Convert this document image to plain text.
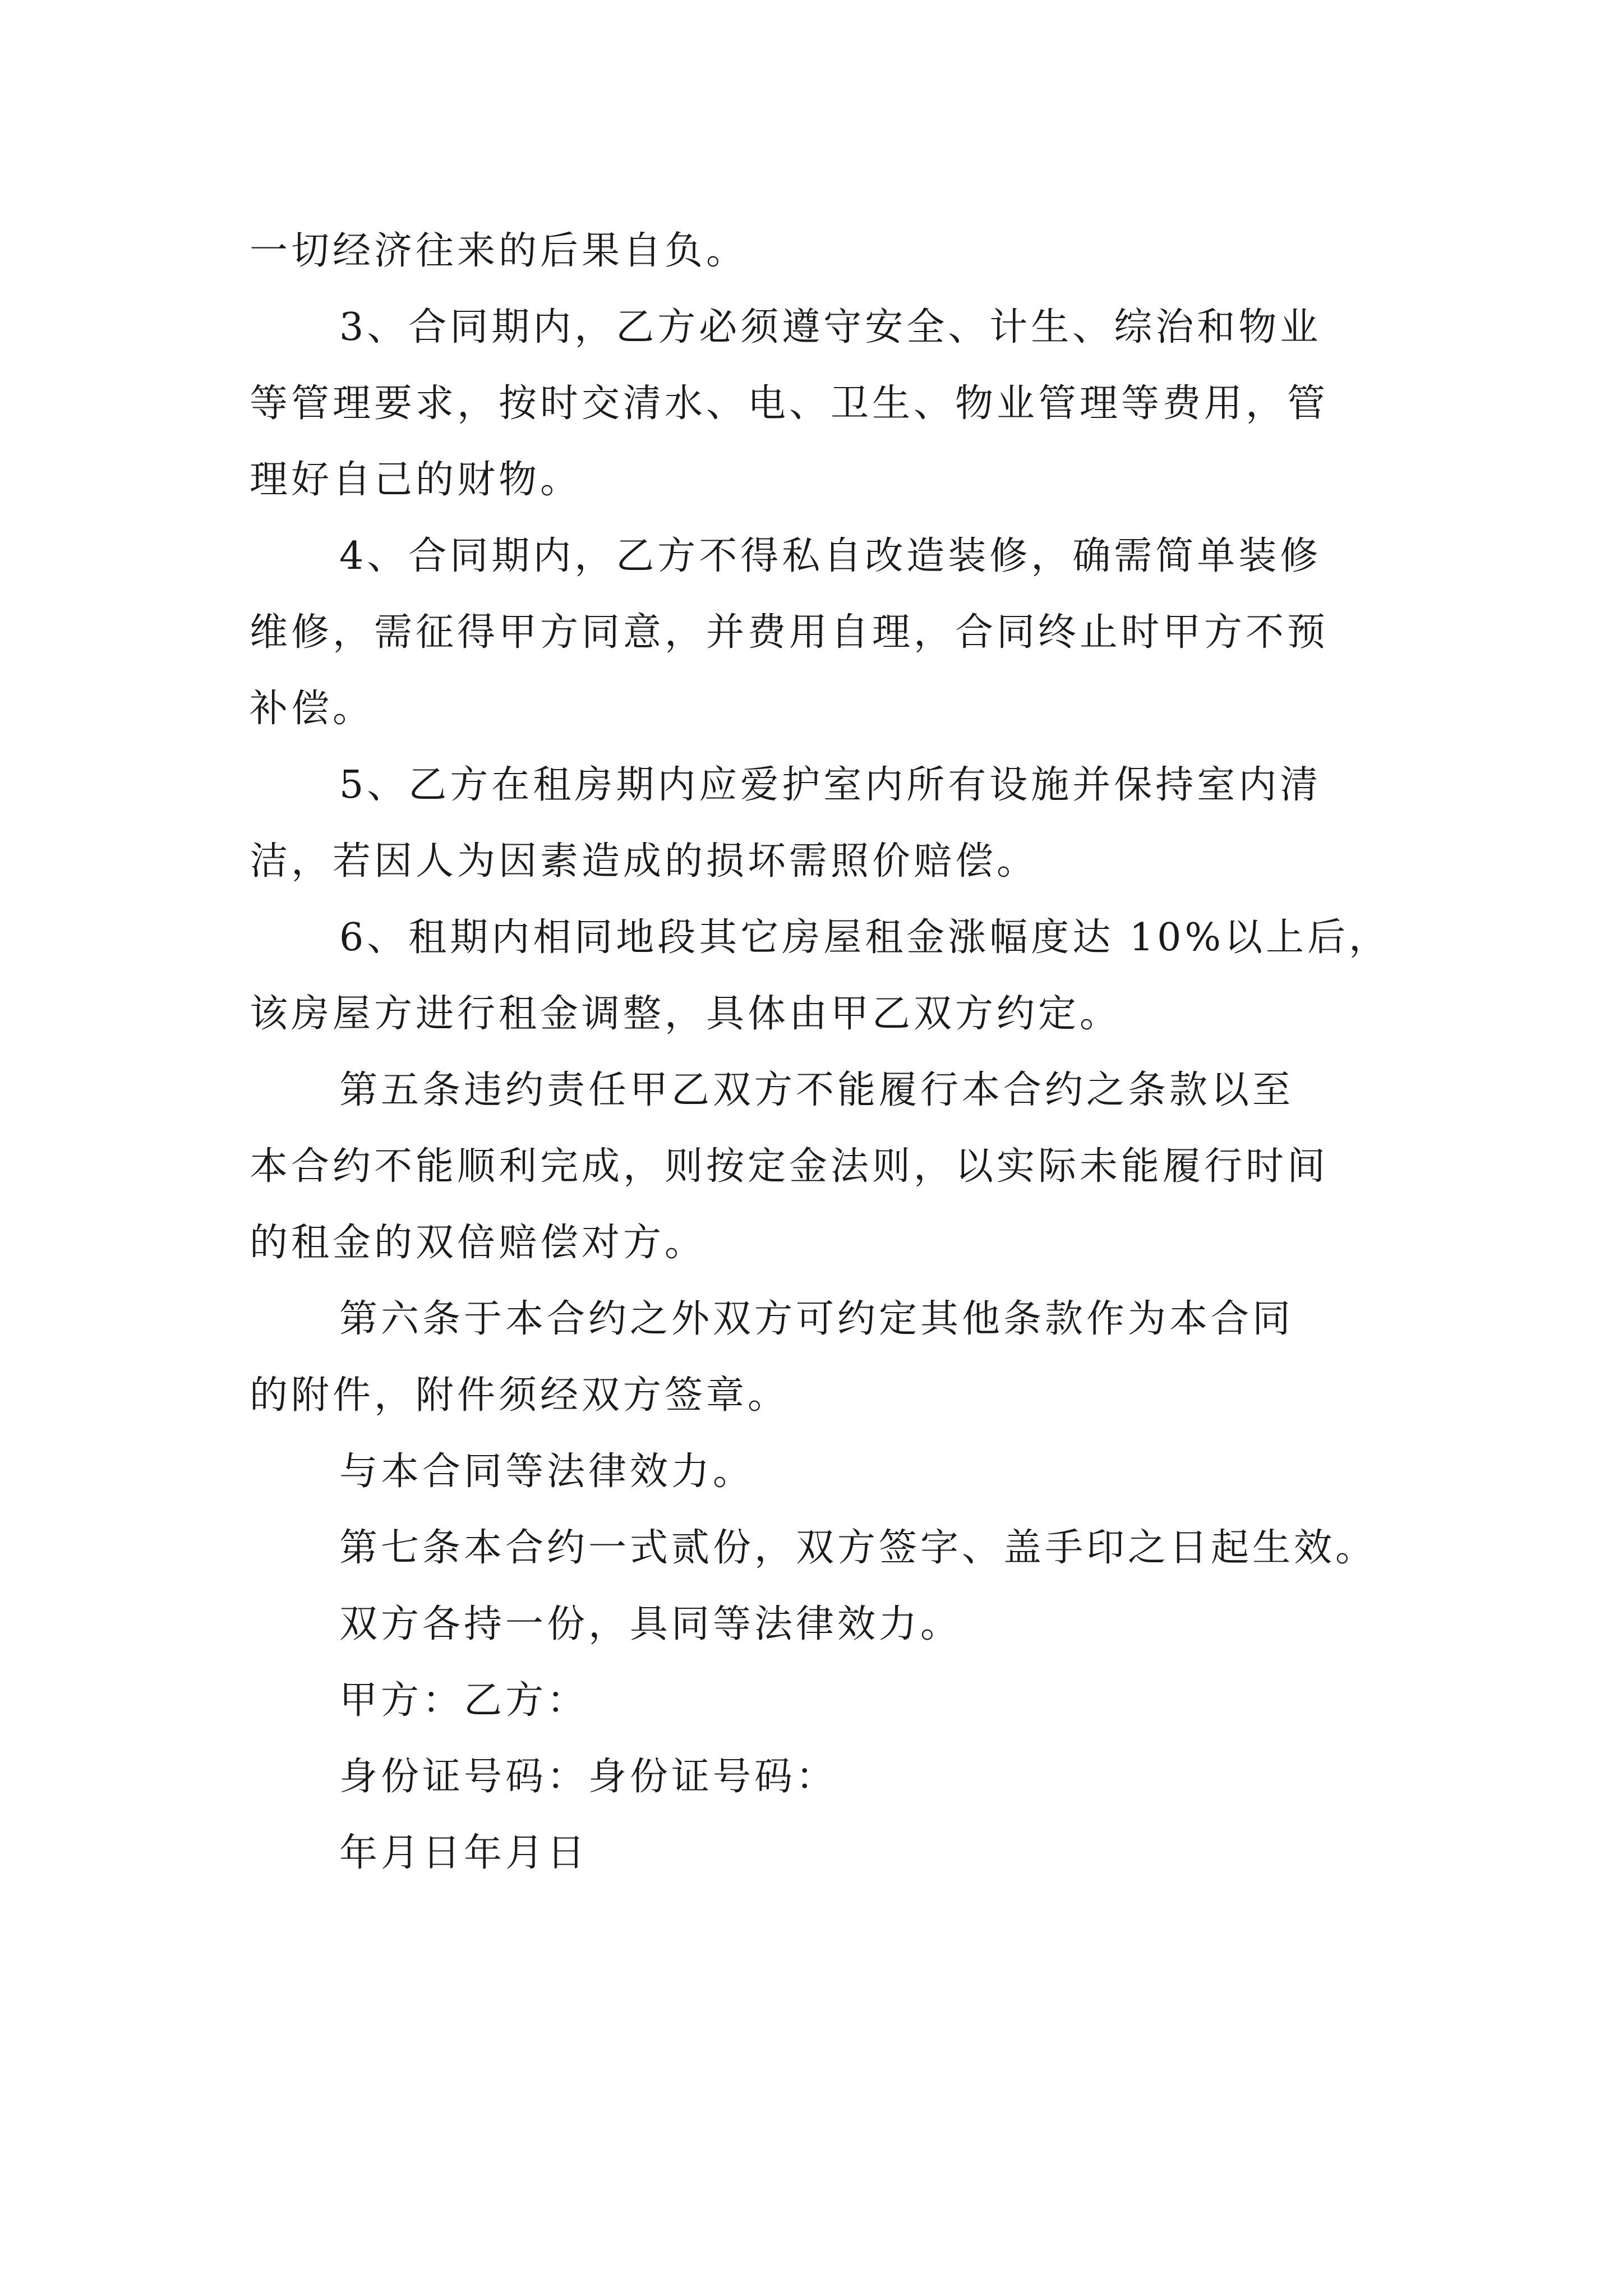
一切经济往来的后果自负。

3、合同期内，乙方必须遵守安全、计生、综治和物业
等管理要求，按时交清水、电、卫生、物业管理等费用，管
理好自己的财物。

4、合同期内，乙方不得私自改造装修，确需简单装修
维修，需征得甲方同意，并费用自理，合同终止时甲方不预
补偿。

5、乙方在租房期内应爱护室内所有设施并保持室内清
洁，若因人为因素造成的损坏需照价赔偿。

6、租期内相同地段其它房屋租金涨幅度达 10%以上后，
该房屋方进行租金调整，具体由甲乙双方约定。

第五条违约责任甲乙双方不能履行本合约之条款以至
本合约不能顺利完成，则按定金法则，以实际未能履行时间
的租金的双倍赔偿对方。

第六条于本合约之外双方可约定其他条款作为本合同
的附件，附件须经双方签章。

与本合同等法律效力。

第七条本合约一式贰份，双方签字、盖手印之日起生效。

双方各持一份，具同等法律效力。

甲方：乙方：

身份证号码：身份证号码：

年月日年月日
